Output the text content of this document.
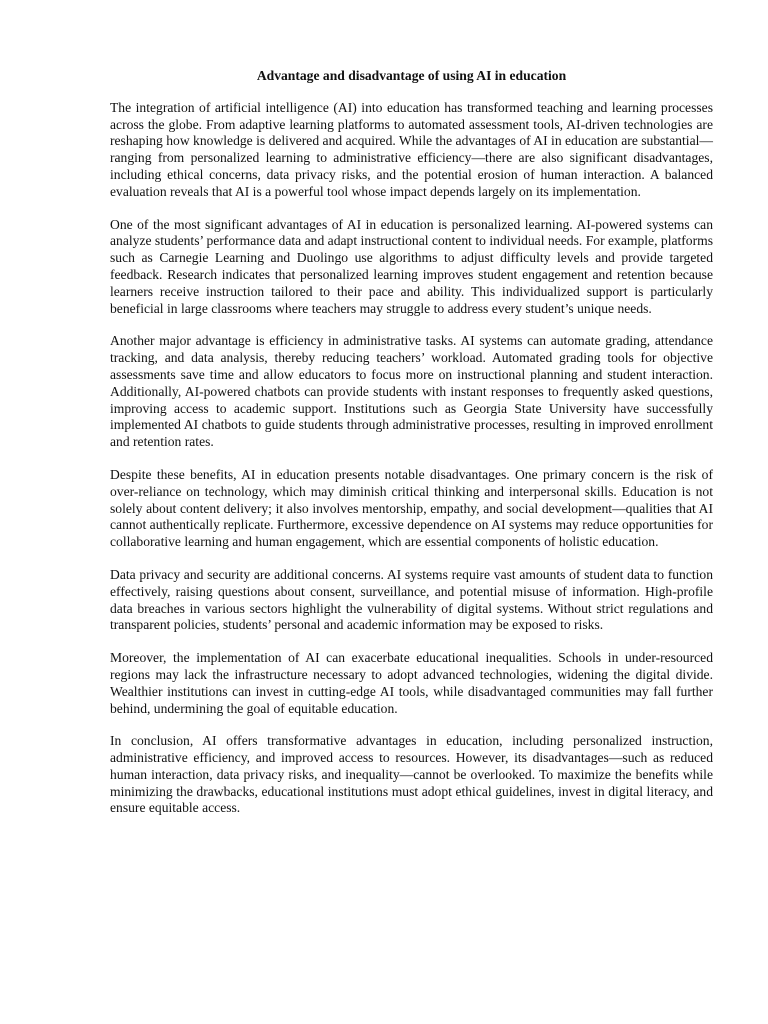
Advantage and disadvantage of using AI in education

The integration of artificial intelligence (AI) into education has transformed teaching and learning processes across the globe. From adaptive learning platforms to automated assessment tools, AI-driven technologies are reshaping how knowledge is delivered and acquired. While the advantages of AI in education are substantial—ranging from personalized learning to administrative efficiency—there are also significant disadvantages, including ethical concerns, data privacy risks, and the potential erosion of human interaction. A balanced evaluation reveals that AI is a powerful tool whose impact depends largely on its implementation.

One of the most significant advantages of AI in education is personalized learning. AI-powered systems can analyze students’ performance data and adapt instructional content to individual needs. For example, platforms such as Carnegie Learning and Duolingo use algorithms to adjust difficulty levels and provide targeted feedback. Research indicates that personalized learning improves student engagement and retention because learners receive instruction tailored to their pace and ability. This individualized support is particularly beneficial in large classrooms where teachers may struggle to address every student’s unique needs.

Another major advantage is efficiency in administrative tasks. AI systems can automate grading, attendance tracking, and data analysis, thereby reducing teachers’ workload. Automated grading tools for objective assessments save time and allow educators to focus more on instructional planning and student interaction. Additionally, AI-powered chatbots can provide students with instant responses to frequently asked questions, improving access to academic support. Institutions such as Georgia State University have successfully implemented AI chatbots to guide students through administrative processes, resulting in improved enrollment and retention rates.

Despite these benefits, AI in education presents notable disadvantages. One primary concern is the risk of over-reliance on technology, which may diminish critical thinking and interpersonal skills. Education is not solely about content delivery; it also involves mentorship, empathy, and social development—qualities that AI cannot authentically replicate. Furthermore, excessive dependence on AI systems may reduce opportunities for collaborative learning and human engagement, which are essential components of holistic education.

Data privacy and security are additional concerns. AI systems require vast amounts of student data to function effectively, raising questions about consent, surveillance, and potential misuse of information. High-profile data breaches in various sectors highlight the vulnerability of digital systems. Without strict regulations and transparent policies, students’ personal and academic information may be exposed to risks.

Moreover, the implementation of AI can exacerbate educational inequalities. Schools in under-resourced regions may lack the infrastructure necessary to adopt advanced technologies, widening the digital divide. Wealthier institutions can invest in cutting-edge AI tools, while disadvantaged communities may fall further behind, undermining the goal of equitable education.

In conclusion, AI offers transformative advantages in education, including personalized instruction, administrative efficiency, and improved access to resources. However, its disadvantages—such as reduced human interaction, data privacy risks, and inequality—cannot be overlooked. To maximize the benefits while minimizing the drawbacks, educational institutions must adopt ethical guidelines, invest in digital literacy, and ensure equitable access.
